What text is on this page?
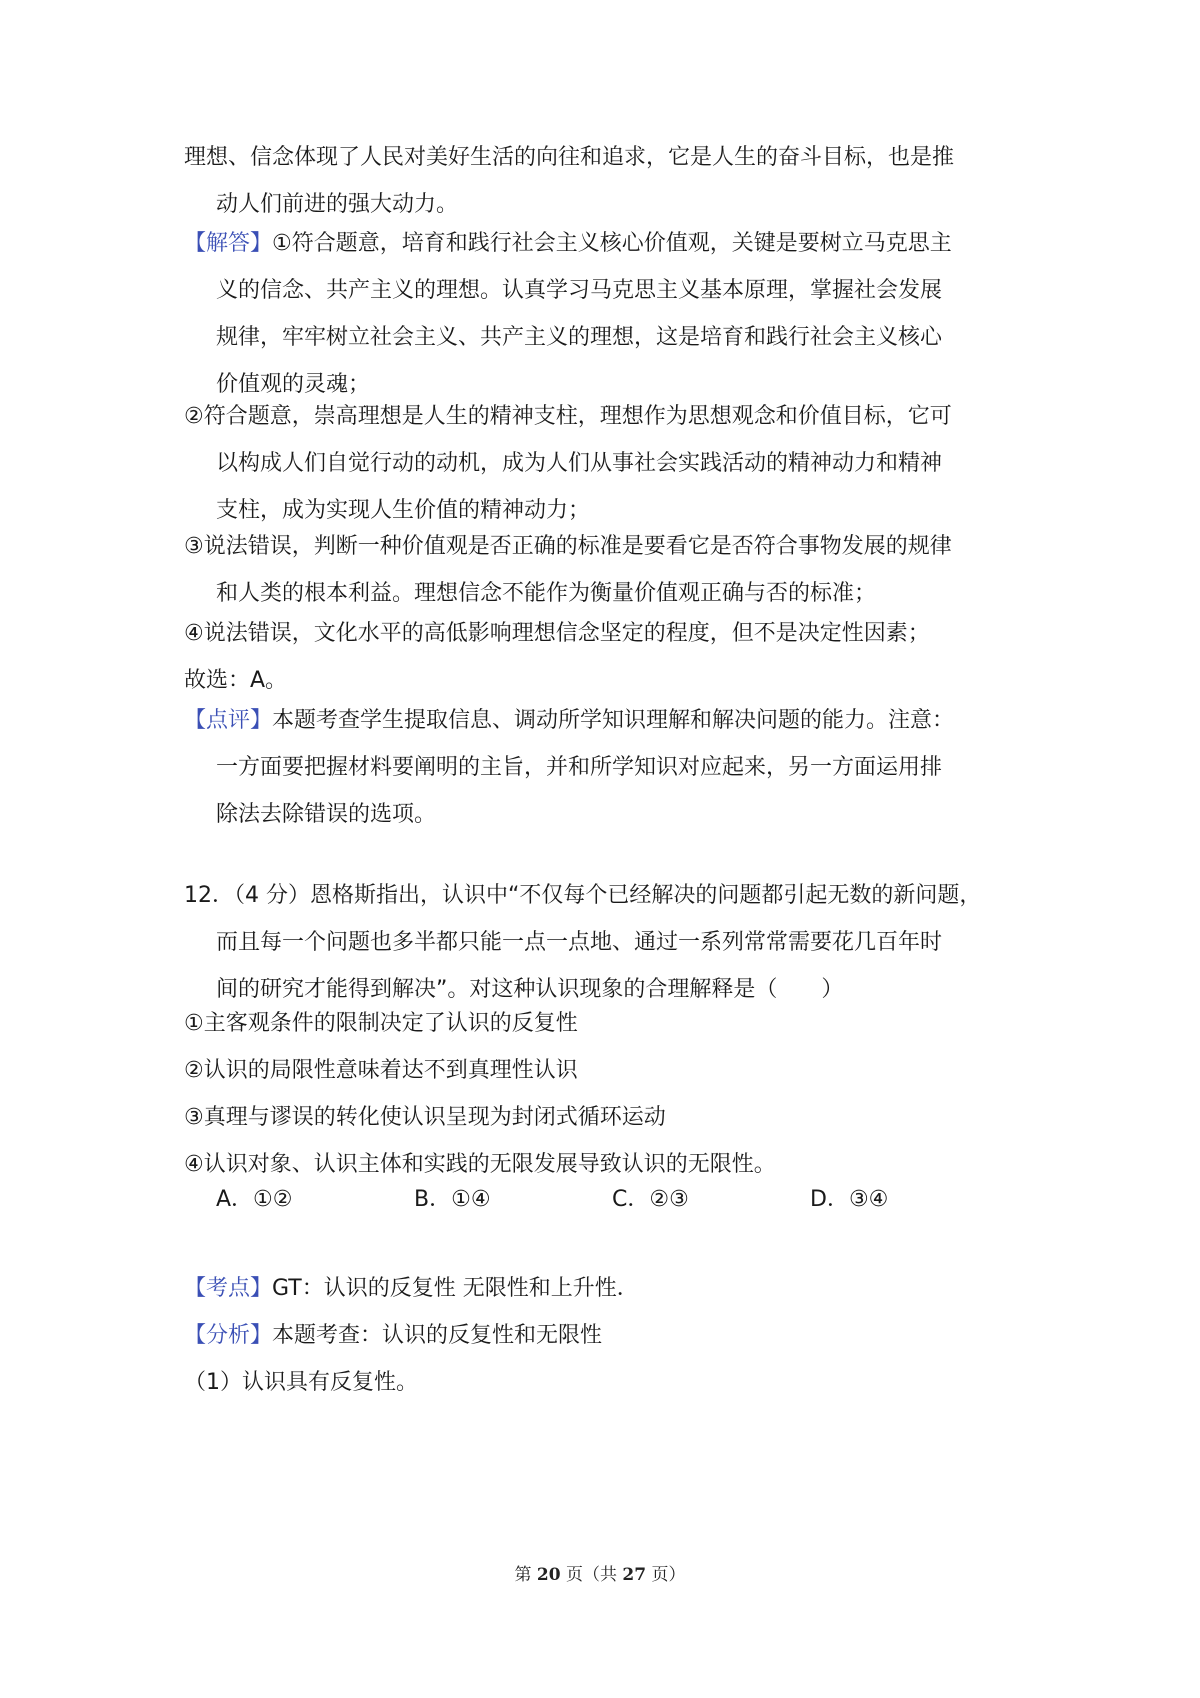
理想、信念体现了人民对美好生活的向往和追求，它是人生的奋斗目标，也是推
动人们前进的强大动力。
【解答】①符合题意，培育和践行社会主义核心价值观，关键是要树立马克思主
义的信念、共产主义的理想。认真学习马克思主义基本原理，掌握社会发展
规律，牢牢树立社会主义、共产主义的理想，这是培育和践行社会主义核心
价值观的灵魂；
②符合题意，崇高理想是人生的精神支柱，理想作为思想观念和价值目标，它可
以构成人们自觉行动的动机，成为人们从事社会实践活动的精神动力和精神
支柱，成为实现人生价值的精神动力；
③说法错误，判断一种价值观是否正确的标准是要看它是否符合事物发展的规律
和人类的根本利益。理想信念不能作为衡量价值观正确与否的标准；
④说法错误，文化水平的高低影响理想信念坚定的程度，但不是决定性因素；
故选：A。
【点评】本题考查学生提取信息、调动所学知识理解和解决问题的能力。注意：
一方面要把握材料要阐明的主旨，并和所学知识对应起来，另一方面运用排
除法去除错误的选项。
12．（4 分）恩格斯指出，认识中“不仅每个已经解决的问题都引起无数的新问题，
而且每一个问题也多半都只能一点一点地、通过一系列常常需要花几百年时
间的研究才能得到解决”。对这种认识现象的合理解释是（　　）
①主客观条件的限制决定了认识的反复性
②认识的局限性意味着达不到真理性认识
③真理与谬误的转化使认识呈现为封闭式循环运动
④认识对象、认识主体和实践的无限发展导致认识的无限性。
A．①②	B．①④	C．②③	D．③④
【考点】GT：认识的反复性 无限性和上升性．
【分析】本题考查：认识的反复性和无限性
（1）认识具有反复性。
第 20 页（共 27 页）
